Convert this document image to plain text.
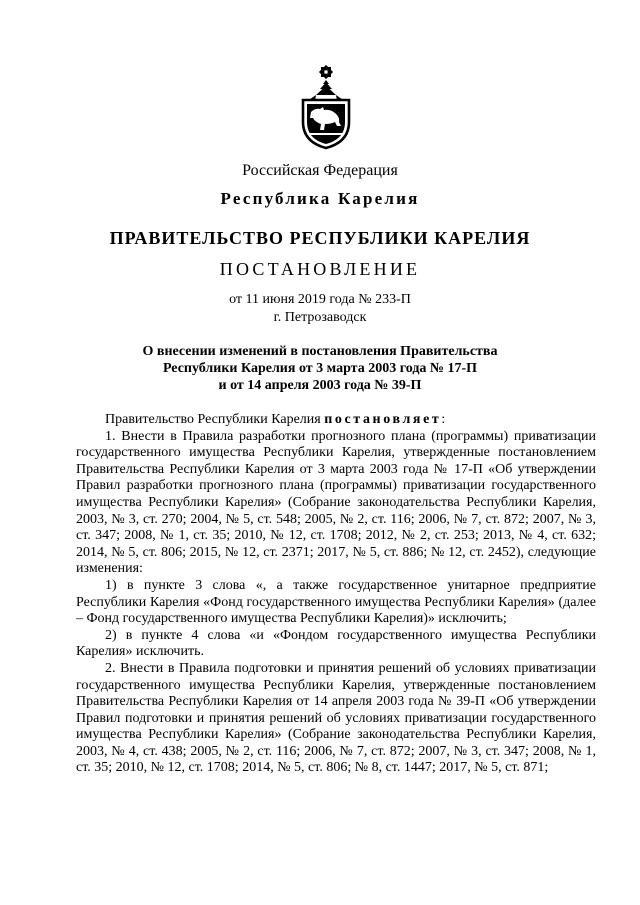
Российская Федерация
Республика Карелия
ПРАВИТЕЛЬСТВО РЕСПУБЛИКИ КАРЕЛИЯ
ПОСТАНОВЛЕНИЕ
от 11 июня 2019 года № 233-П
г. Петрозаводск
О внесении изменений в постановления Правительства
Республики Карелия от 3 марта 2003 года № 17-П
и от 14 апреля 2003 года № 39-П

Правительство Республики Карелия постановляет:

1. Внести в Правила разработки прогнозного плана (программы) приватизации государственного имущества Республики Карелия, утвержденные постановлением Правительства Республики Карелия от 3 марта 2003 года № 17-П «Об утверждении Правил разработки прогнозного плана (программы) приватизации государственного имущества Республики Карелия» (Собрание законодательства Республики Карелия, 2003, № 3, ст. 270; 2004, № 5, ст. 548; 2005, № 2, ст. 116; 2006, № 7, ст. 872; 2007, № 3, ст. 347; 2008, № 1, ст. 35; 2010, № 12, ст. 1708; 2012, № 2, ст. 253; 2013, № 4, ст. 632; 2014, № 5, ст. 806; 2015, № 12, ст. 2371; 2017, № 5, ст. 886; № 12, ст. 2452), следующие изменения:

1) в пункте 3 слова «, а также государственное унитарное предприятие Республики Карелия «Фонд государственного имущества Республики Карелия» (далее – Фонд государственного имущества Республики Карелия)» исключить;

2) в пункте 4 слова «и «Фондом государственного имущества Республики Карелия» исключить.

2. Внести в Правила подготовки и принятия решений об условиях приватизации государственного имущества Республики Карелия, утвержденные постановлением Правительства Республики Карелия от 14 апреля 2003 года № 39-П «Об утверждении Правил подготовки и принятия решений об условиях приватизации государственного имущества Республики Карелия» (Собрание законодательства Республики Карелия, 2003, № 4, ст. 438; 2005, № 2, ст. 116; 2006, № 7, ст. 872; 2007, № 3, ст. 347; 2008, № 1, ст. 35; 2010, № 12, ст. 1708; 2014, № 5, ст. 806; № 8, ст. 1447; 2017, № 5, ст. 871;
